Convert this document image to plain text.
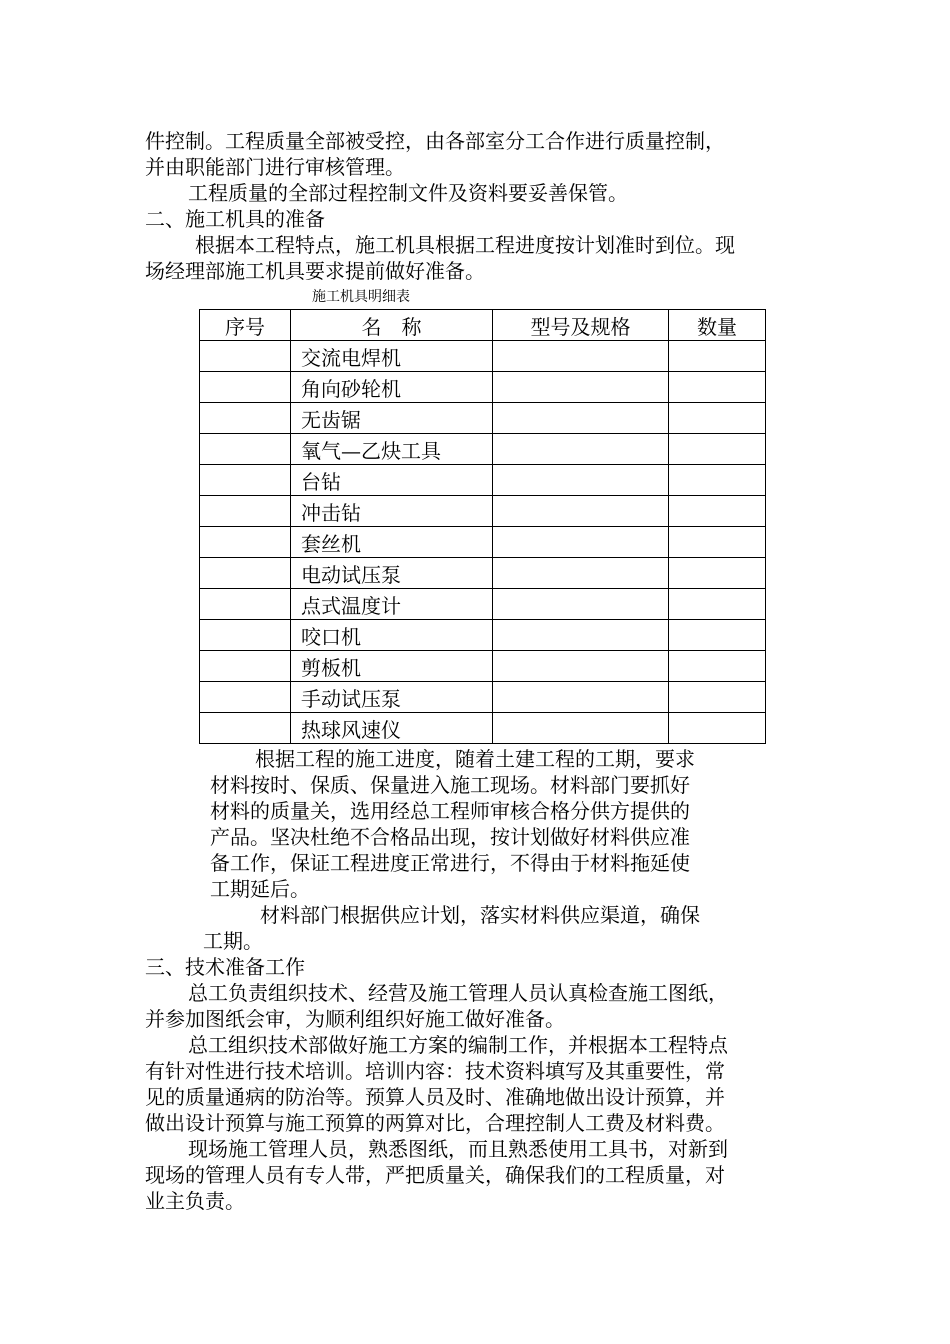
件控制。工程质量全部被受控，由各部室分工合作进行质量控制，
并由职能部门进行审核管理。
工程质量的全部过程控制文件及资料要妥善保管。
二、施工机具的准备
根据本工程特点，施工机具根据工程进度按计划准时到位。现
场经理部施工机具要求提前做好准备。
施工机具明细表
序号	名　称	型号及规格	数量
	交流电焊机		
	角向砂轮机		
	无齿锯		
	氧气—乙炔工具		
	台钻		
	冲击钻		
	套丝机		
	电动试压泵		
	点式温度计		
	咬口机		
	剪板机		
	手动试压泵		
	热球风速仪		
根据工程的施工进度，随着土建工程的工期，要求
材料按时、保质、保量进入施工现场。材料部门要抓好
材料的质量关，选用经总工程师审核合格分供方提供的
产品。坚决杜绝不合格品出现，按计划做好材料供应准
备工作，保证工程进度正常进行，不得由于材料拖延使
工期延后。
材料部门根据供应计划，落实材料供应渠道，确保
工期。
三、技术准备工作
总工负责组织技术、经营及施工管理人员认真检查施工图纸，
并参加图纸会审，为顺利组织好施工做好准备。
总工组织技术部做好施工方案的编制工作，并根据本工程特点
有针对性进行技术培训。培训内容：技术资料填写及其重要性，常
见的质量通病的防治等。预算人员及时、准确地做出设计预算，并
做出设计预算与施工预算的两算对比，合理控制人工费及材料费。
现场施工管理人员，熟悉图纸，而且熟悉使用工具书，对新到
现场的管理人员有专人带，严把质量关，确保我们的工程质量，对
业主负责。
